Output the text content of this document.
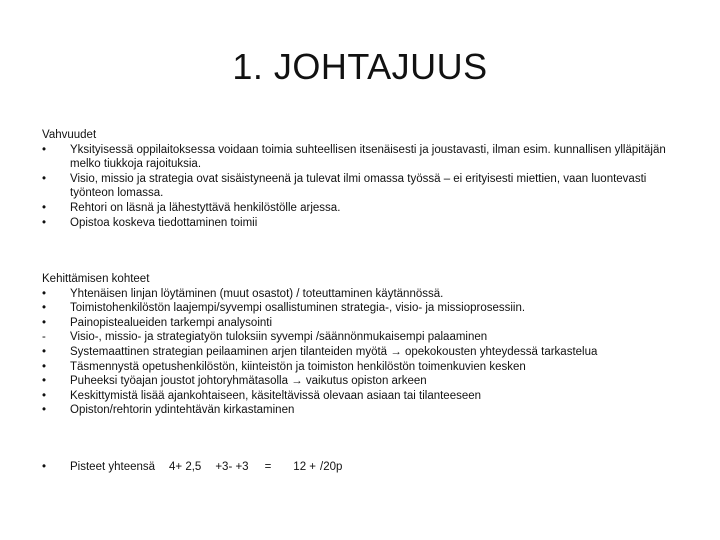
1. JOHTAJUUS

Vahvuudet

•	Yksityisessä oppilaitoksessa voidaan toimia suhteellisen itsenäisesti ja joustavasti, ilman esim. kunnallisen ylläpitäjän melko tiukkoja rajoituksia.
•	Visio, missio ja strategia ovat sisäistyneenä ja tulevat ilmi omassa työssä – ei erityisesti miettien, vaan luontevasti työnteon lomassa.
•	Rehtori on läsnä ja lähestyttävä henkilöstölle arjessa.
•	Opistoa koskeva tiedottaminen toimii

Kehittämisen kohteet

•	Yhtenäisen linjan löytäminen (muut osastot) / toteuttaminen käytännössä.
•	Toimistohenkilöstön laajempi/syvempi osallistuminen strategia-, visio- ja missioprosessiin.
•	Painopistealueiden tarkempi analysointi
-	Visio-, missio- ja strategiatyön tuloksiin syvempi /säännönmukaisempi palaaminen
•	Systemaattinen strategian peilaaminen arjen tilanteiden myötä → opekokousten yhteydessä tarkastelua
•	Täsmennystä opetushenkilöstön, kiinteistön ja toimiston henkilöstön toimenkuvien kesken
•	Puheeksi työajan joustot johtoryhmätasolla → vaikutus opiston arkeen
•	Keskittymistä lisää ajankohtaiseen, käsiteltävissä olevaan asiaan tai tilanteeseen
•	Opiston/rehtorin ydintehtävän kirkastaminen
•	Pisteet yhteensä 4+ 2,5 +3- +3 = 12 + /20p
